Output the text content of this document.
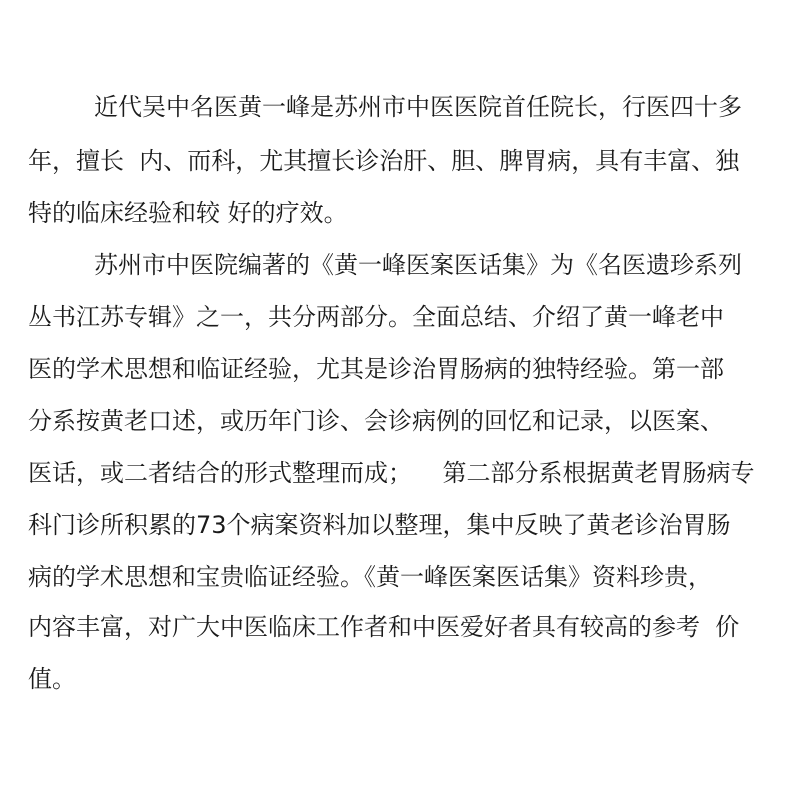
近代吴中名医黄一峰是苏州市中医医院首任院长，行医四十多
年，擅长  内、而科，尤其擅长诊治肝、胆、脾胃病，具有丰富、独
特的临床经验和较 好的疗效。
苏州市中医院编著的《黄一峰医案医话集》为《名医遗珍系列
丛书江苏专辑》之一，共分两部分。全面总结、介绍了黄一峰老中
医的学术思想和临证经验，尤其是诊治胃肠病的独特经验。第一部
分系按黄老口述，或历年门诊、会诊病例的回忆和记录，以医案、
医话，或二者结合的形式整理而成；    第二部分系根据黄老胃肠病专
科门诊所积累的73个病案资料加以整理，集中反映了黄老诊治胃肠
病的学术思想和宝贵临证经验。《黄一峰医案医话集》资料珍贵，
内容丰富，对广大中医临床工作者和中医爱好者具有较高的参考  价
值。
